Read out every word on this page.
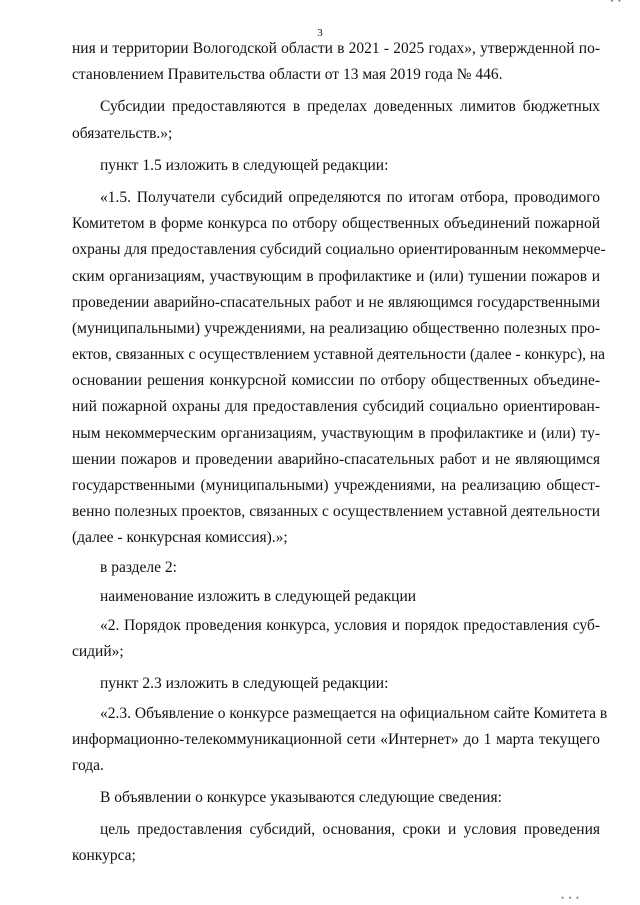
• •
3
ния и территории Вологодской области в 2021 - 2025 годах», утвержденной по-
становлением Правительства области от 13 мая 2019 года № 446.
Субсидии предоставляются в пределах доведенных лимитов бюджетных
обязательств.»;
пункт 1.5 изложить в следующей редакции:
«1.5. Получатели субсидий определяются по итогам отбора, проводимого
Комитетом в форме конкурса по отбору общественных объединений пожарной
охраны для предоставления субсидий социально ориентированным некоммерче-
ским организациям, участвующим в профилактике и (или) тушении пожаров и
проведении аварийно-спасательных работ и не являющимся государственными
(муниципальными) учреждениями, на реализацию общественно полезных про-
ектов, связанных с осуществлением уставной деятельности (далее - конкурс), на
основании решения конкурсной комиссии по отбору общественных объедине-
ний пожарной охраны для предоставления субсидий социально ориентирован-
ным некоммерческим организациям, участвующим в профилактике и (или) ту-
шении пожаров и проведении аварийно-спасательных работ и не являющимся
государственными (муниципальными) учреждениями, на реализацию общест-
венно полезных проектов, связанных с осуществлением уставной деятельности
(далее - конкурсная комиссия).»;
в разделе 2:
наименование изложить в следующей редакции
«2. Порядок проведения конкурса, условия и порядок предоставления суб-
сидий»;
пункт 2.3 изложить в следующей редакции:
«2.3. Объявление о конкурсе размещается на официальном сайте Комитета в
информационно-телекоммуникационной сети «Интернет» до 1 марта текущего
года.
В объявлении о конкурсе указываются следующие сведения:
цель предоставления субсидий, основания, сроки и условия проведения
конкурса;
• • •
